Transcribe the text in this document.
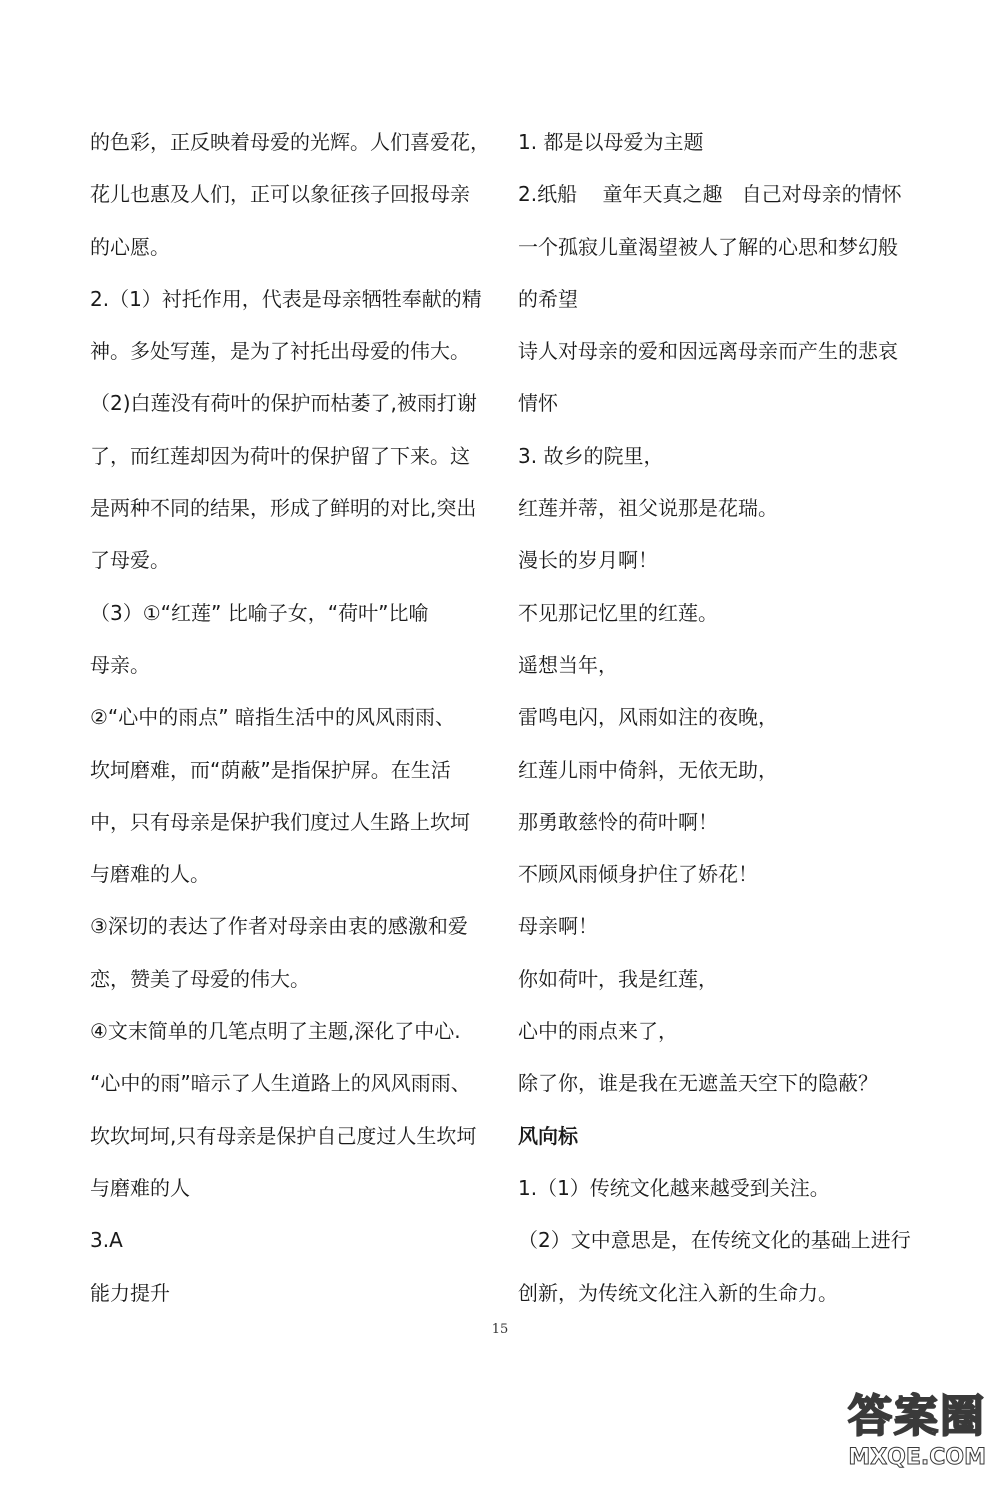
的色彩，正反映着母爱的光辉。人们喜爱花，
花儿也惠及人们，正可以象征孩子回报母亲
的心愿。
2.（1）衬托作用，代表是母亲牺牲奉献的精
神。多处写莲，是为了衬托出母爱的伟大。
（2)白莲没有荷叶的保护而枯萎了,被雨打谢
了，而红莲却因为荷叶的保护留了下来。这
是两种不同的结果，形成了鲜明的对比,突出
了母爱。
（3）①“红莲” 比喻子女，“荷叶”比喻
母亲。
②“心中的雨点” 暗指生活中的风风雨雨、
坎坷磨难，而“荫蔽”是指保护屏。在生活
中，只有母亲是保护我们度过人生路上坎坷
与磨难的人。
③深切的表达了作者对母亲由衷的感激和爱
恋，赞美了母爱的伟大。
④文末简单的几笔点明了主题,深化了中心.
“心中的雨”暗示了人生道路上的风风雨雨、
坎坎坷坷,只有母亲是保护自己度过人生坎坷
与磨难的人
3.A
能力提升
1. 都是以母爱为主题
2.纸船    童年天真之趣   自己对母亲的情怀
一个孤寂儿童渴望被人了解的心思和梦幻般
的希望
诗人对母亲的爱和因远离母亲而产生的悲哀
情怀
3. 故乡的院里，
红莲并蒂，祖父说那是花瑞。
漫长的岁月啊！
不见那记忆里的红莲。
遥想当年，
雷鸣电闪，风雨如注的夜晚，
红莲儿雨中倚斜，无依无助，
那勇敢慈怜的荷叶啊！
不顾风雨倾身护住了娇花！
母亲啊！
你如荷叶，我是红莲，
心中的雨点来了，
除了你，谁是我在无遮盖天空下的隐蔽？
风向标
1.（1）传统文化越来越受到关注。
（2）文中意思是，在传统文化的基础上进行
创新，为传统文化注入新的生命力。
15
答案圈
MXQE.COM
